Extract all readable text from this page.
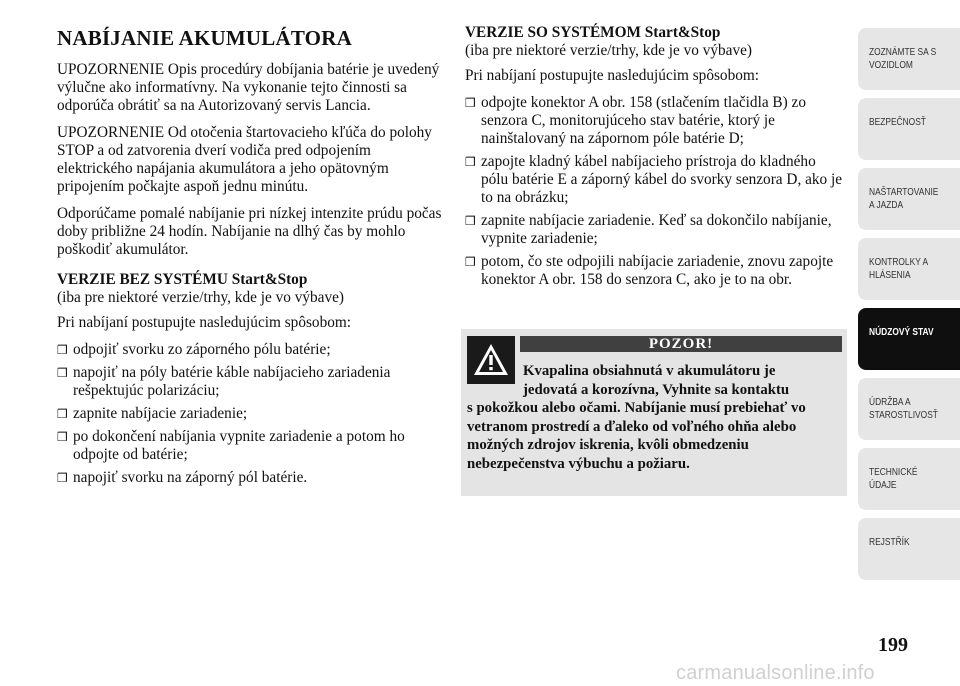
NABÍJANIE AKUMULÁTORA

UPOZORNENIE Opis procedúry dobíjania batérie je uvedený výlučne ako informatívny. Na vykonanie tejto činnosti sa odporúča obrátiť sa na Autorizovaný servis Lancia.

UPOZORNENIE Od otočenia štartovacieho kľúča do polohy STOP a od zatvorenia dverí vodiča pred odpojením elektrického napájania akumulátora a jeho opätovným pripojením počkajte aspoň jednu minútu.

Odporúčame pomalé nabíjanie pri nízkej intenzite prúdu počas doby približne 24 hodín. Nabíjanie na dlhý čas by mohlo poškodiť akumulátor.

VERZIE BEZ SYSTÉMU Start&Stop
(iba pre niektoré verzie/trhy, kde je vo výbave)

Pri nabíjaní postupujte nasledujúcim spôsobom:

❒ odpojiť svorku zo záporného pólu batérie;
❒ napojiť na póly batérie káble nabíjacieho zariadenia rešpektujúc polarizáciu;
❒ zapnite nabíjacie zariadenie;
❒ po dokončení nabíjania vypnite zariadenie a potom ho odpojte od batérie;
❒ napojiť svorku na záporný pól batérie.
VERZIE SO SYSTÉMOM Start&Stop
(iba pre niektoré verzie/trhy, kde je vo výbave)

Pri nabíjaní postupujte nasledujúcim spôsobom:

❒ odpojte konektor A obr. 158 (stlačením tlačidla B) zo senzora C, monitorujúceho stav batérie, ktorý je nainštalovaný na zápornom póle batérie D;
❒ zapojte kladný kábel nabíjacieho prístroja do kladného pólu batérie E a záporný kábel do svorky senzora D, ako je to na obrázku;
❒ zapnite nabíjacie zariadenie. Keď sa dokončilo nabíjanie, vypnite zariadenie;
❒ potom, čo ste odpojili nabíjacie zariadenie, znovu zapojte konektor A obr. 158 do senzora C, ako je to na obr.
POZOR!
Kvapalina obsiahnutá v akumulátoru je
jedovatá a korozívna, Vyhnite sa kontaktu
s pokožkou alebo očami. Nabíjanie musí prebiehať vo vetranom prostredí a ďaleko od voľného ohňa alebo možných zdrojov iskrenia, kvôli obmedzeniu nebezpečenstva výbuchu a požiaru.
ZOZNÁMTE SA S
VOZIDLOM
BEZPEČNOSŤ
NAŠTARTOVANIE
A JAZDA
KONTROLKY A
HLÁSENIA
NÚDZOVÝ STAV
ÚDRŽBA A
STAROSTLIVOSŤ
TECHNICKÉ
ÚDAJE
REJSTŘÍK
199
carmanualsonline.info
